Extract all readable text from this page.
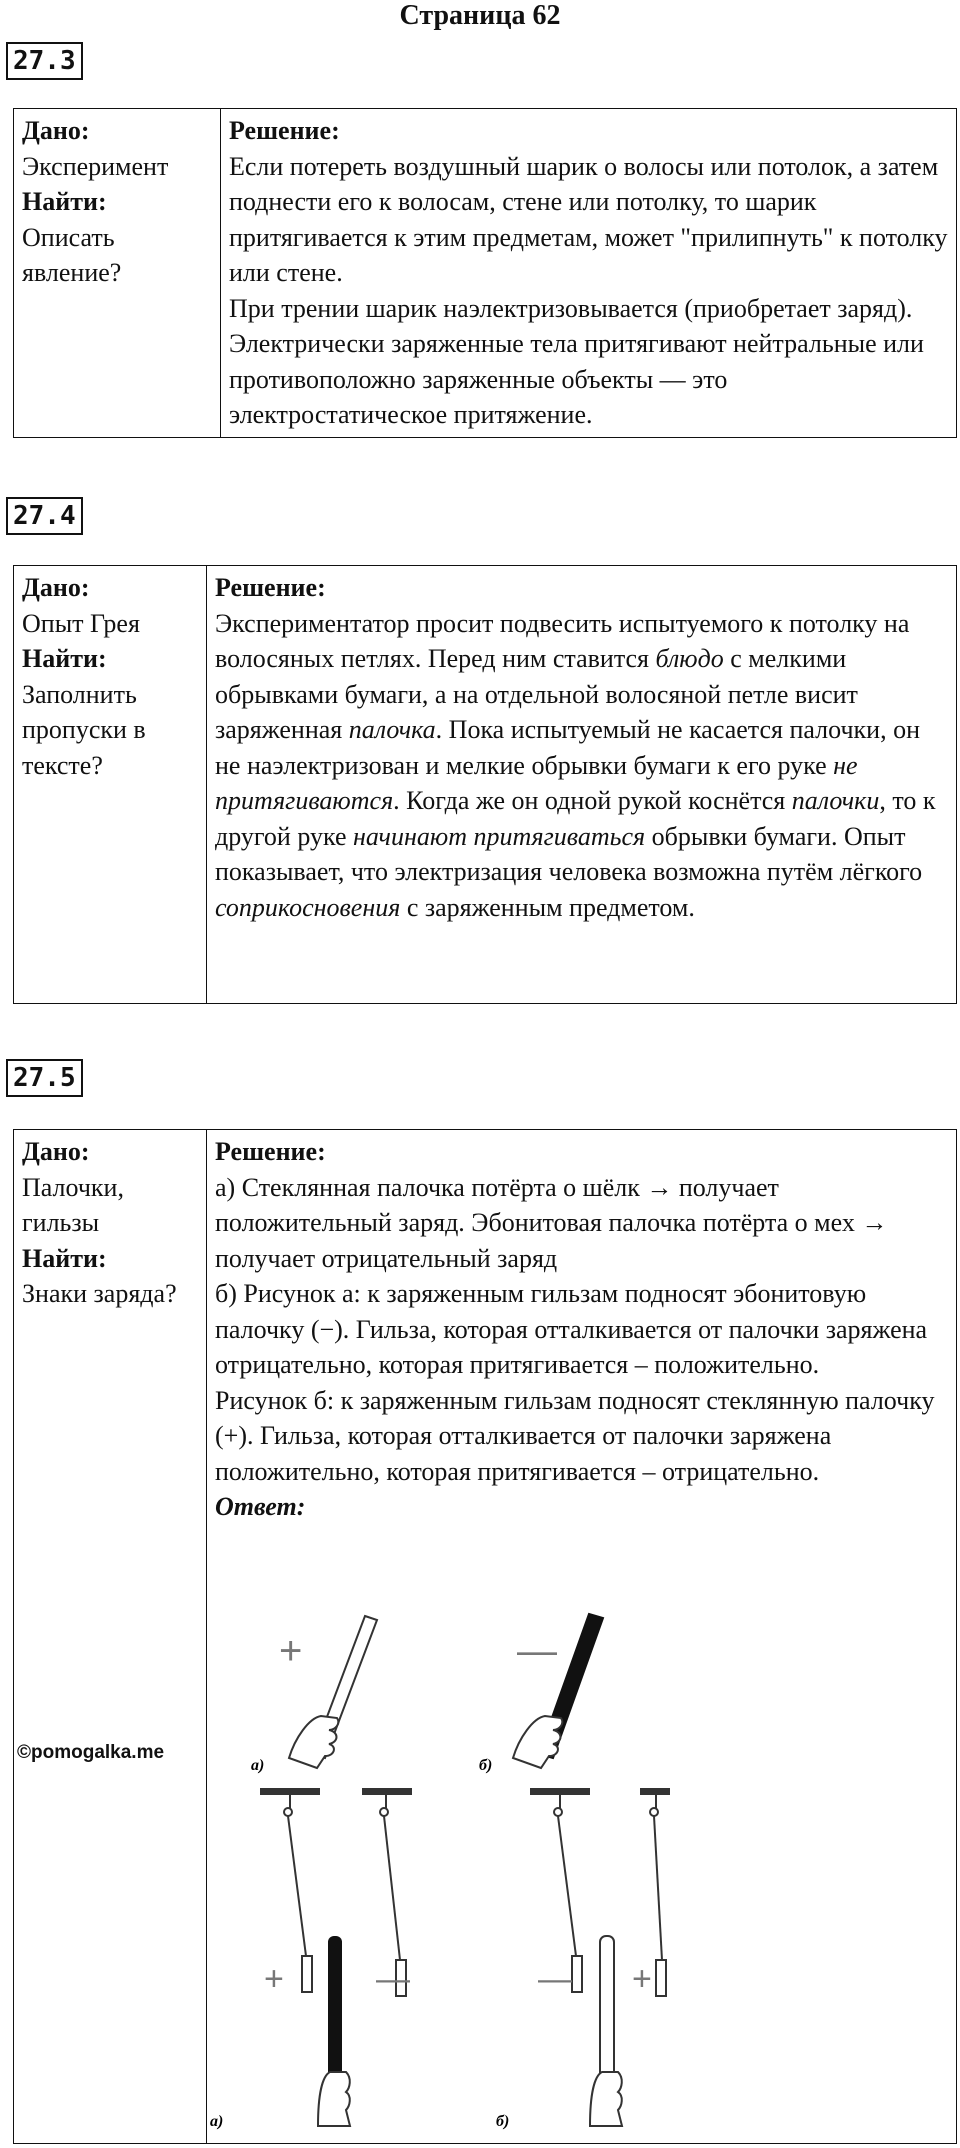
Страница 62
27.3
Дано:
Эксперимент
Найти:
Описать явление?

Решение:

Если потереть воздушный шарик о волосы или потолок, а затем поднести его к волосам, стене или потолку, то шарик притягивается к этим предметам, может "прилипнуть" к потолку или стене.

При трении шарик наэлектризовывается (приобретает заряд). Электрически заряженные тела притягивают нейтральные или противоположно заряженные объекты — это электростатическое притяжение.

27.4
Дано:
Опыт Грея
Найти:
Заполнить пропуски в тексте?

Решение:

Экспериментатор просит подвесить испытуемого к потолку на волосяных петлях. Перед ним ставится блюдо с мелкими обрывками бумаги, а на отдельной волосяной петле висит заряженная палочка. Пока испытуемый не касается палочки, он не наэлектризован и мелкие обрывки бумаги к его руке не притягиваются. Когда же он одной рукой коснётся палочки, то к другой руке начинают притягиваться обрывки бумаги. Опыт показывает, что электризация человека возможна путём лёгкого соприкосновения с заряженным предметом.

27.5
Дано:
Палочки, гильзы
Найти:
Знаки заряда?

Решение:

а) Стеклянная палочка потёрта о шёлк → получает положительный заряд. Эбонитовая палочка потёрта о мех → получает отрицательный заряд

б) Рисунок а: к заряженным гильзам подносят эбонитовую палочку (−). Гильза, которая отталкивается от палочки заряжена отрицательно, которая притягивается – положительно.

Рисунок б: к заряженным гильзам подносят стеклянную палочку (+). Гильза, которая отталкивается от палочки заряжена положительно, которая притягивается – отрицательно.

Ответ:
©pomogalka.me
+
а)
—
б)
+	—
а)
— +
б)
